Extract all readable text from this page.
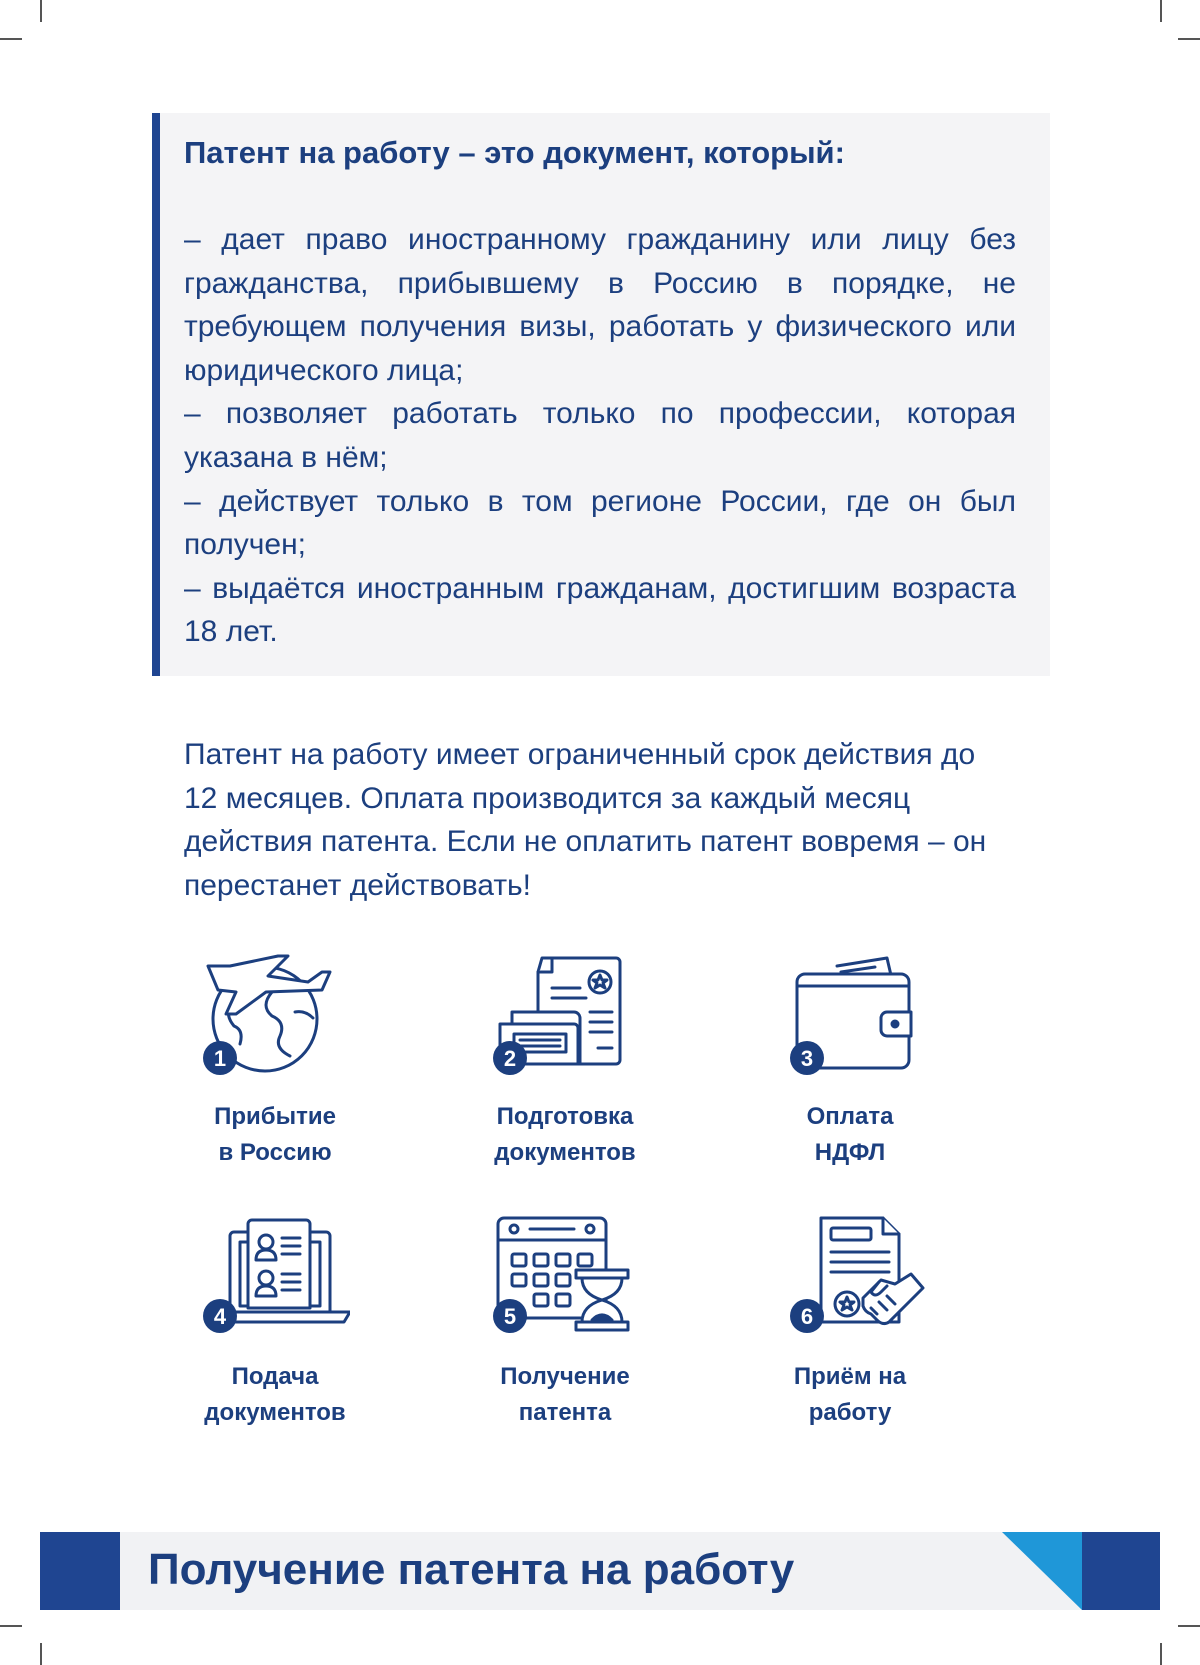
Патент на работу – это документ, который:

– дает право иностранному гражданину или лицу без гражданства, прибывшему в Россию в порядке, не требующем получения визы, работать у физического или юридического лица;

– позволяет работать только по профессии, которая указана в нём;

– действует только в том регионе России, где он был получен;

– выдаётся иностранным гражданам, достигшим возраста 18 лет.

Патент на работу имеет ограниченный срок действия до 12 месяцев. Оплата производится за каждый месяц действия патента. Если не оплатить патент вовремя – он перестанет действовать!

1
Прибытие
в Россию
2
Подготовка
документов
3
Оплата
НДФЛ
4
Подача
документов
5
Получение
патента
6
Приём на
работу
Получение патента на работу
